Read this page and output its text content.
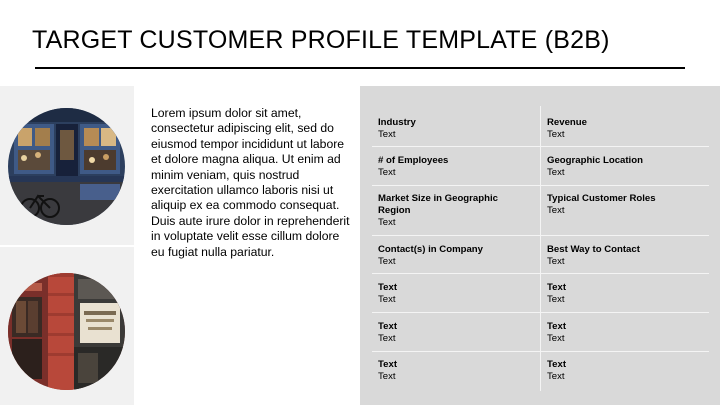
TARGET CUSTOMER PROFILE TEMPLATE (B2B)
Lorem ipsum dolor sit amet, consectetur adipiscing elit, sed do eiusmod tempor incididunt ut labore et dolore magna aliqua. Ut enim ad minim veniam, quis nostrud exercitation ullamco laboris nisi ut aliquip ex ea commodo consequat. Duis aute irure dolor in reprehenderit in voluptate velit esse cillum dolore eu fugiat nulla pariatur.
Industry
Text
Revenue
Text
# of Employees
Text
Geographic Location
Text
Market Size in Geographic Region
Text
Typical Customer Roles
Text
Contact(s) in Company
Text
Best Way to Contact
Text
Text
Text
Text
Text
Text
Text
Text
Text
Text
Text
Text
Text
